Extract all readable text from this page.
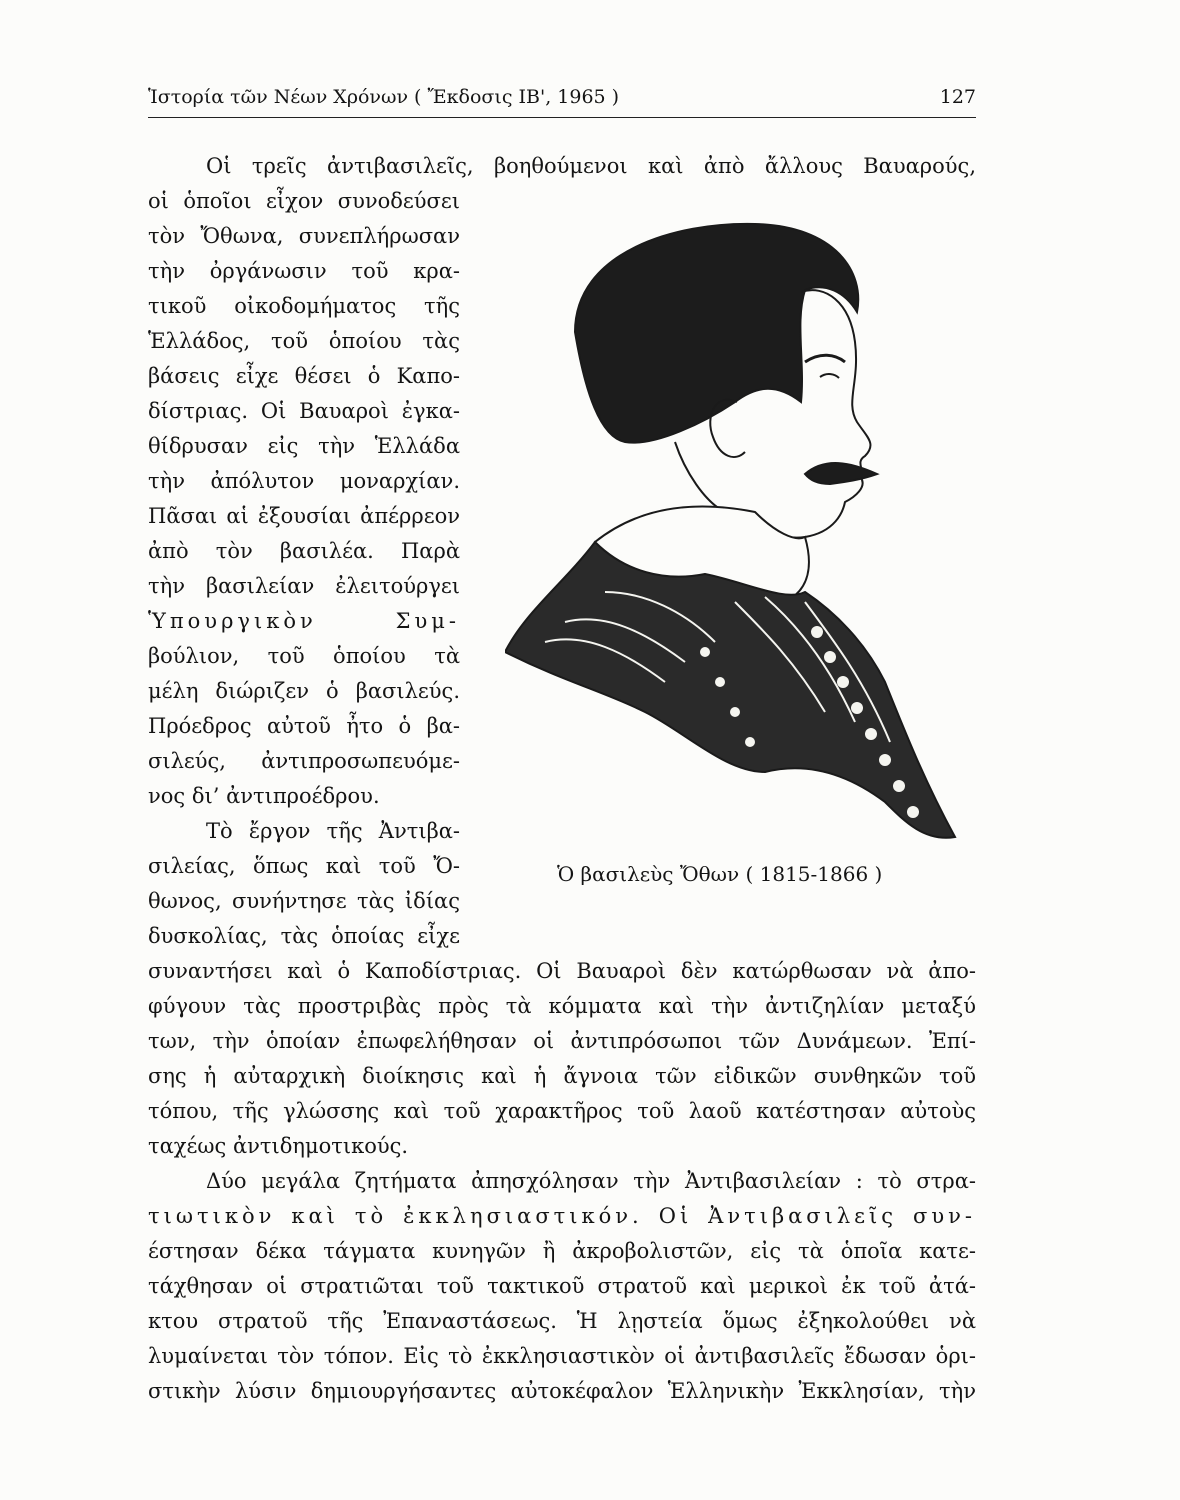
Ἱστορία τῶν Νέων Χρόνων ( Ἔκδοσις ΙΒ', 1965 )	127
Οἱ τρεῖς ἀντιβασιλεῖς, βοηθούμενοι καὶ ἀπὸ ἄλλους Βαυαρούς,
οἱ ὁποῖοι εἶχον συνοδεύσει
τὸν Ὄθωνα, συνεπλήρωσαν
τὴν ὀργάνωσιν τοῦ κρα-
τικοῦ οἰκοδομήματος τῆς
Ἑλλάδος, τοῦ ὁποίου τὰς
βάσεις εἶχε θέσει ὁ Καπο-
δίστριας. Οἱ Βαυαροὶ ἐγκα-
θίδρυσαν εἰς τὴν Ἑλλάδα
τὴν ἀπόλυτον μοναρχίαν.
Πᾶσαι αἱ ἐξουσίαι ἀπέρρεον
ἀπὸ τὸν βασιλέα. Παρὰ
τὴν βασιλείαν ἐλειτούργει
Ὑπουργικὸν Συμ-
βούλιον, τοῦ ὁποίου τὰ
μέλη διώριζεν ὁ βασιλεύς.
Πρόεδρος αὐτοῦ ἦτο ὁ βα-
σιλεύς, ἀντιπροσωπευόμε-
νος δι’ ἀντιπροέδρου.
Τὸ ἔργον τῆς Ἀντιβα-
σιλείας, ὅπως καὶ τοῦ Ὄ-
θωνος, συνήντησε τὰς ἰδίας
δυσκολίας, τὰς ὁποίας εἶχε
συναντήσει καὶ ὁ Καποδίστριας. Οἱ Βαυαροὶ δὲν κατώρθωσαν νὰ ἀπο-
φύγουν τὰς προστριβὰς πρὸς τὰ κόμματα καὶ τὴν ἀντιζηλίαν μεταξύ
των, τὴν ὁποίαν ἐπωφελήθησαν οἱ ἀντιπρόσωποι τῶν Δυνάμεων. Ἐπί-
σης ἡ αὐταρχικὴ διοίκησις καὶ ἡ ἄγνοια τῶν εἰδικῶν συνθηκῶν τοῦ
τόπου, τῆς γλώσσης καὶ τοῦ χαρακτῆρος τοῦ λαοῦ κατέστησαν αὐτοὺς
ταχέως ἀντιδημοτικούς.
Δύο μεγάλα ζητήματα ἀπησχόλησαν τὴν Ἀντιβασιλείαν : τὸ στρα-
τιωτικὸν καὶ τὸ ἐκκλησιαστικόν. Οἱ Ἀντιβασιλεῖς συν-
έστησαν δέκα τάγματα κυνηγῶν ἢ ἀκροβολιστῶν, εἰς τὰ ὁποῖα κατε-
τάχθησαν οἱ στρατιῶται τοῦ τακτικοῦ στρατοῦ καὶ μερικοὶ ἐκ τοῦ ἀτά-
κτου στρατοῦ τῆς Ἐπαναστάσεως. Ἡ λῃστεία ὅμως ἐξηκολούθει νὰ
λυμαίνεται τὸν τόπον. Εἰς τὸ ἐκκλησιαστικὸν οἱ ἀντιβασιλεῖς ἔδωσαν ὁρι-
στικὴν λύσιν δημιουργήσαντες αὐτοκέφαλον Ἑλληνικὴν Ἐκκλησίαν, τὴν
Ὁ βασιλεὺς Ὄθων ( 1815-1866 )
